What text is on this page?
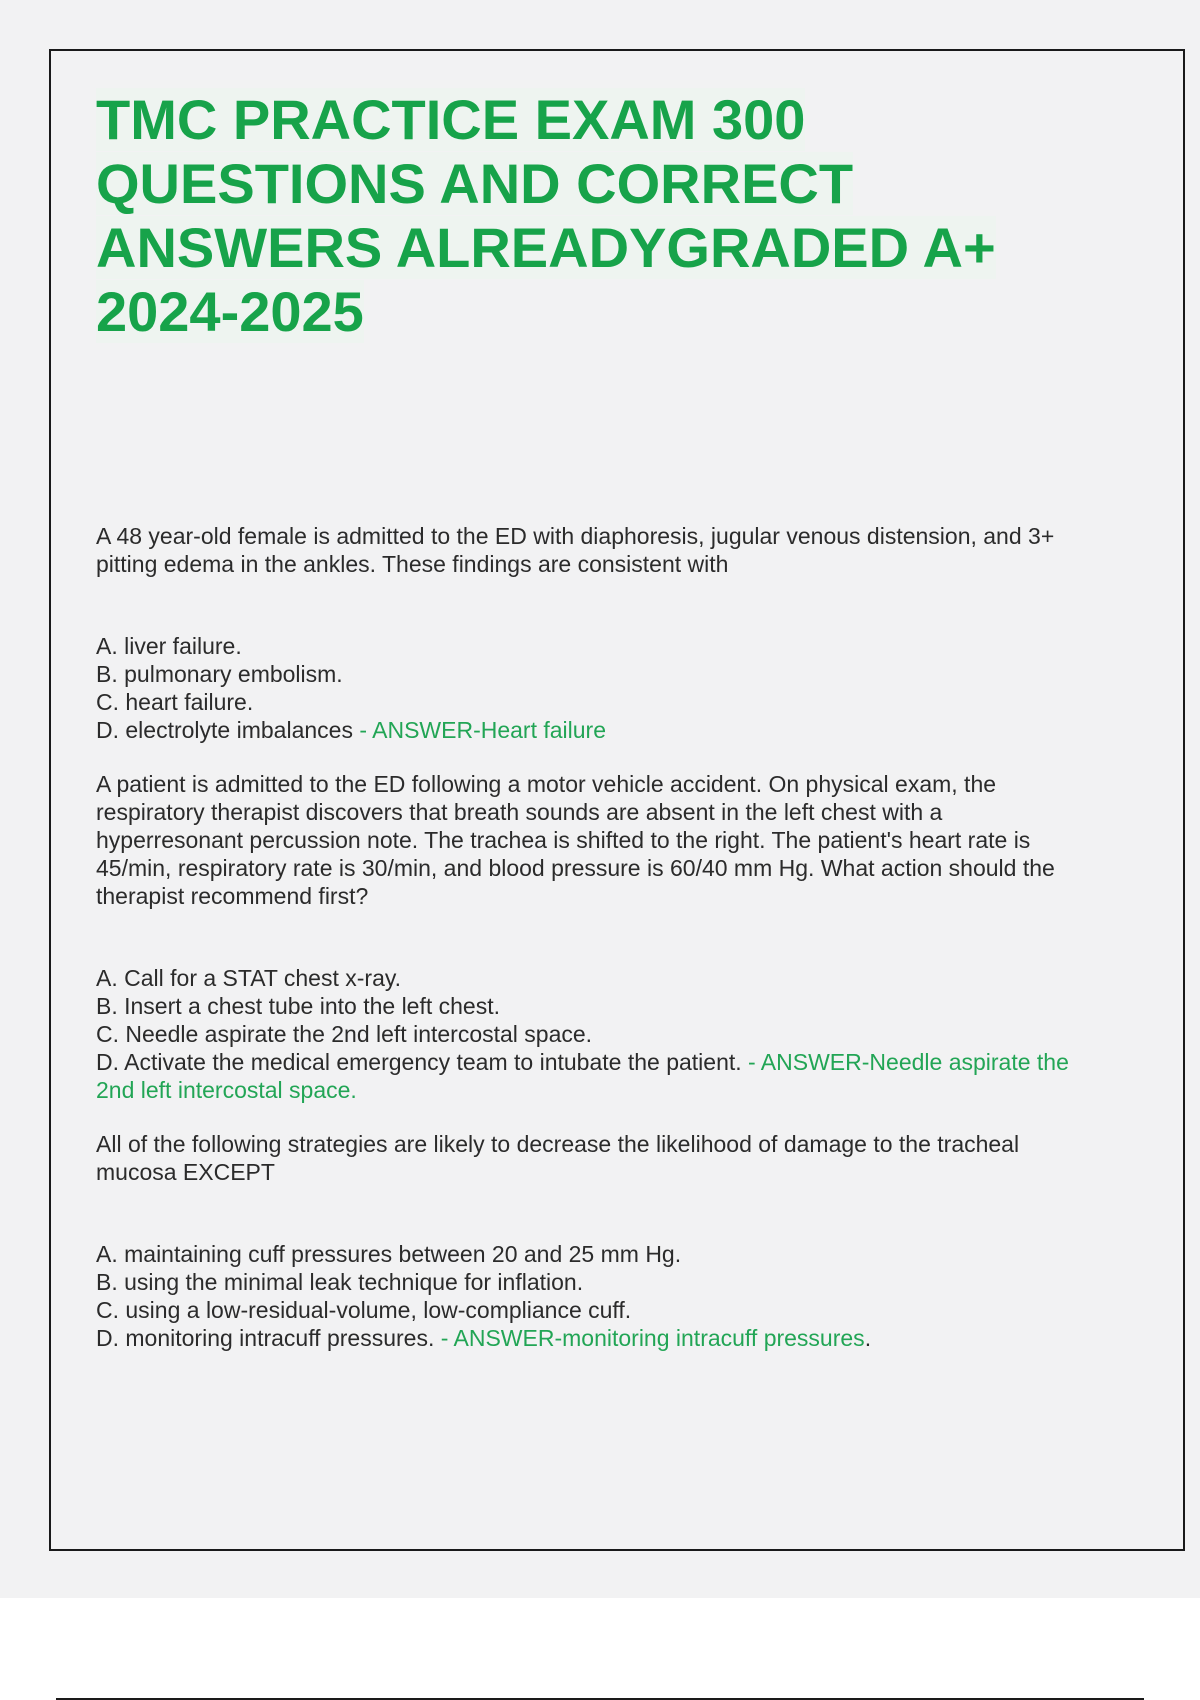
TMC PRACTICE EXAM 300
QUESTIONS AND CORRECT
ANSWERS ALREADYGRADED A+
2024-2025

A 48 year-old female is admitted to the ED with diaphoresis, jugular venous distension, and 3+ pitting edema in the ankles. These findings are consistent with

A. liver failure.
B. pulmonary embolism.
C. heart failure.
D. electrolyte imbalances - ANSWER-Heart failure

A patient is admitted to the ED following a motor vehicle accident. On physical exam, the respiratory therapist discovers that breath sounds are absent in the left chest with a hyperresonant percussion note. The trachea is shifted to the right. The patient's heart rate is 45/min, respiratory rate is 30/min, and blood pressure is 60/40 mm Hg. What action should the therapist recommend first?

A. Call for a STAT chest x-ray.
B. Insert a chest tube into the left chest.
C. Needle aspirate the 2nd left intercostal space.
D. Activate the medical emergency team to intubate the patient. - ANSWER-Needle aspirate the 2nd left intercostal space.

All of the following strategies are likely to decrease the likelihood of damage to the tracheal mucosa EXCEPT

A. maintaining cuff pressures between 20 and 25 mm Hg.
B. using the minimal leak technique for inflation.
C. using a low-residual-volume, low-compliance cuff.
D. monitoring intracuff pressures. - ANSWER-monitoring intracuff pressures.
